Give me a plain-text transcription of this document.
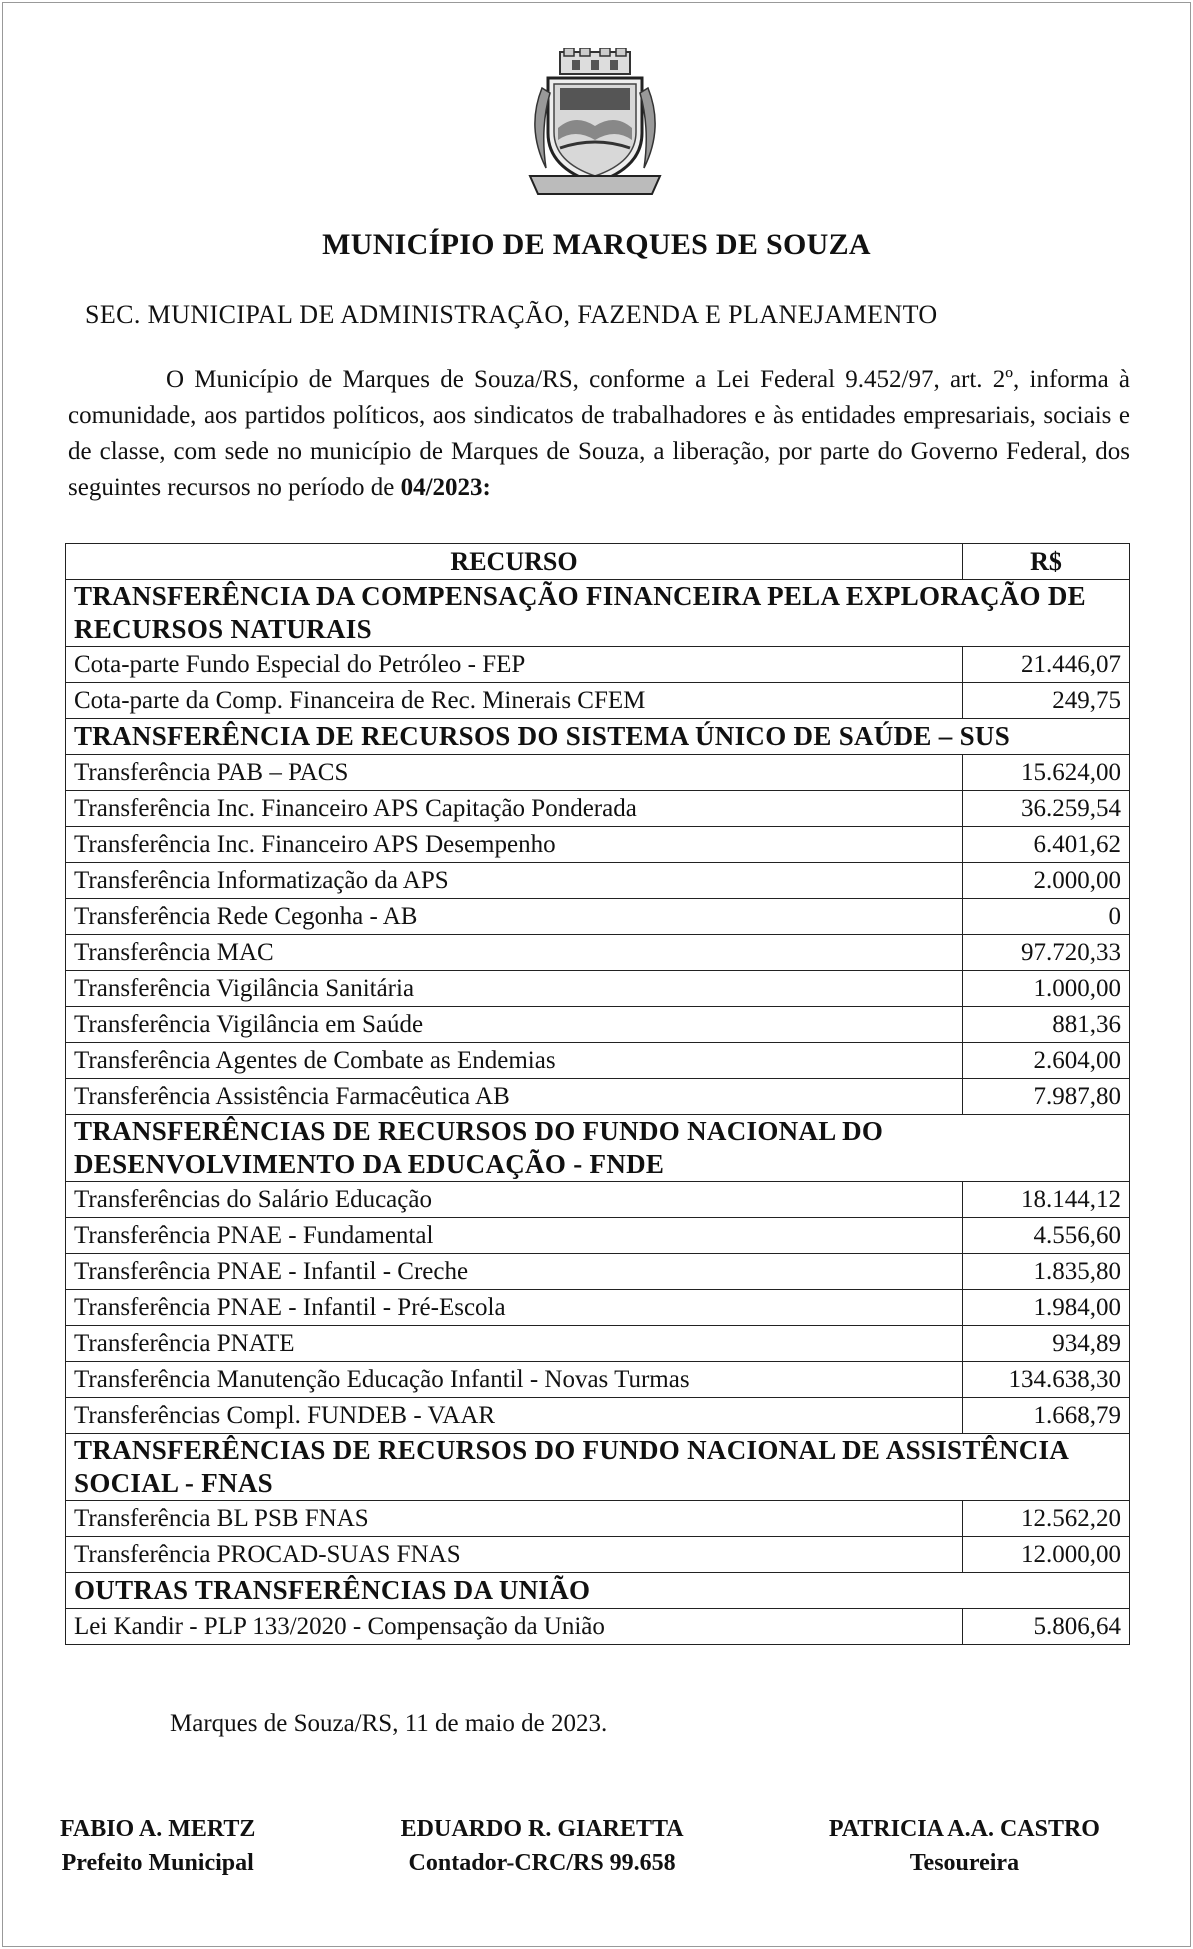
MUNICÍPIO DE MARQUES DE SOUZA
SEC. MUNICIPAL DE ADMINISTRAÇÃO, FAZENDA E PLANEJAMENTO
O Município de Marques de Souza/RS, conforme a Lei Federal 9.452/97, art. 2º, informa à comunidade, aos partidos políticos, aos sindicatos de trabalhadores e às entidades empresariais, sociais e de classe, com sede no município de Marques de Souza, a liberação, por parte do Governo Federal, dos seguintes recursos no período de 04/2023:
RECURSO	R$
TRANSFERÊNCIA DA COMPENSAÇÃO FINANCEIRA PELA EXPLORAÇÃO DE RECURSOS NATURAIS	
Cota-parte Fundo Especial do Petróleo - FEP	21.446,07
Cota-parte da Comp. Financeira de Rec. Minerais CFEM	249,75
TRANSFERÊNCIA DE RECURSOS DO SISTEMA ÚNICO DE SAÚDE – SUS	
Transferência PAB – PACS	15.624,00
Transferência Inc. Financeiro APS Capitação Ponderada	36.259,54
Transferência Inc. Financeiro APS Desempenho	6.401,62
Transferência Informatização da APS	2.000,00
Transferência Rede Cegonha - AB	0
Transferência MAC	97.720,33
Transferência Vigilância Sanitária	1.000,00
Transferência Vigilância em Saúde	881,36
Transferência Agentes de Combate as Endemias	2.604,00
Transferência Assistência Farmacêutica AB	7.987,80
TRANSFERÊNCIAS DE RECURSOS DO FUNDO NACIONAL DO DESENVOLVIMENTO DA EDUCAÇÃO - FNDE	
Transferências do Salário Educação	18.144,12
Transferência PNAE - Fundamental	4.556,60
Transferência PNAE - Infantil - Creche	1.835,80
Transferência PNAE - Infantil - Pré-Escola	1.984,00
Transferência PNATE	934,89
Transferência Manutenção Educação Infantil - Novas Turmas	134.638,30
Transferências Compl. FUNDEB - VAAR	1.668,79
TRANSFERÊNCIAS DE RECURSOS DO FUNDO NACIONAL DE ASSISTÊNCIA SOCIAL - FNAS	
Transferência BL PSB FNAS	12.562,20
Transferência PROCAD-SUAS FNAS	12.000,00
OUTRAS TRANSFERÊNCIAS DA UNIÃO	
Lei Kandir - PLP 133/2020 - Compensação da União	5.806,64
Marques de Souza/RS, 11 de maio de 2023.
FABIO A. MERTZ
Prefeito Municipal
EDUARDO R. GIARETTA
Contador-CRC/RS 99.658
PATRICIA A.A. CASTRO
Tesoureira
